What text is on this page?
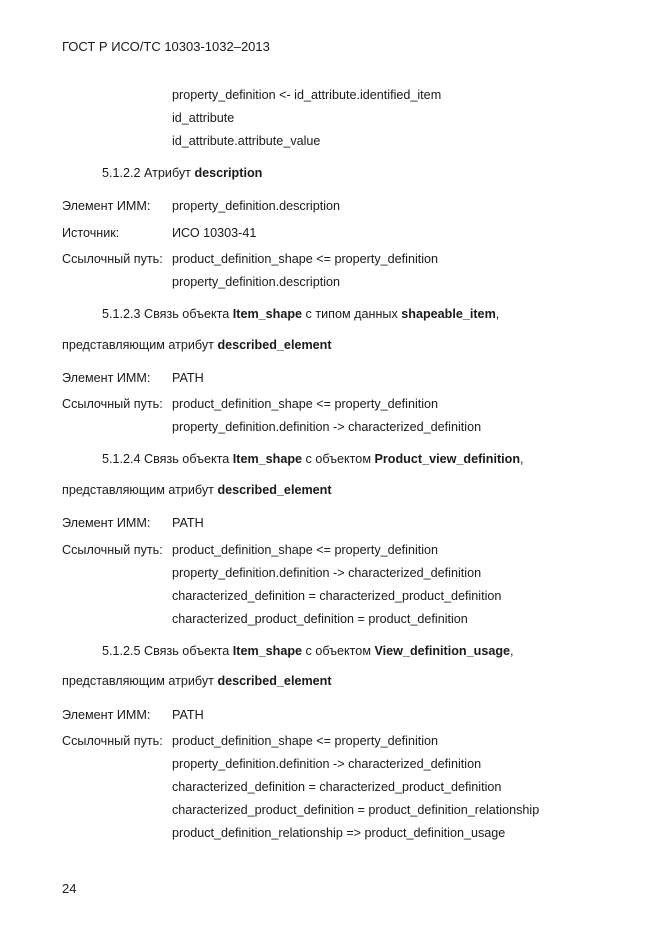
ГОСТ Р ИСО/ТС 10303-1032–2013
property_definition <- id_attribute.identified_item
id_attribute
id_attribute.attribute_value
5.1.2.2 Атрибут description
Элемент ИММ: property_definition.description
Источник:	ИСО 10303-41
Ссылочный путь: product_definition_shape <= property_definition
property_definition.description
5.1.2.3 Связь объекта Item_shape с типом данных shapeable_item,
представляющим атрибут described_element
Элемент ИММ: PATH
Ссылочный путь: product_definition_shape <= property_definition
property_definition.definition -> characterized_definition
5.1.2.4 Связь объекта Item_shape с объектом Product_view_definition,
представляющим атрибут described_element
Элемент ИММ: PATH
Ссылочный путь: product_definition_shape <= property_definition
property_definition.definition -> characterized_definition
characterized_definition = characterized_product_definition
characterized_product_definition = product_definition
5.1.2.5 Связь объекта Item_shape с объектом View_definition_usage,
представляющим атрибут described_element
Элемент ИММ: PATH
Ссылочный путь: product_definition_shape <= property_definition
property_definition.definition -> characterized_definition
characterized_definition = characterized_product_definition
characterized_product_definition = product_definition_relationship
product_definition_relationship => product_definition_usage
24
